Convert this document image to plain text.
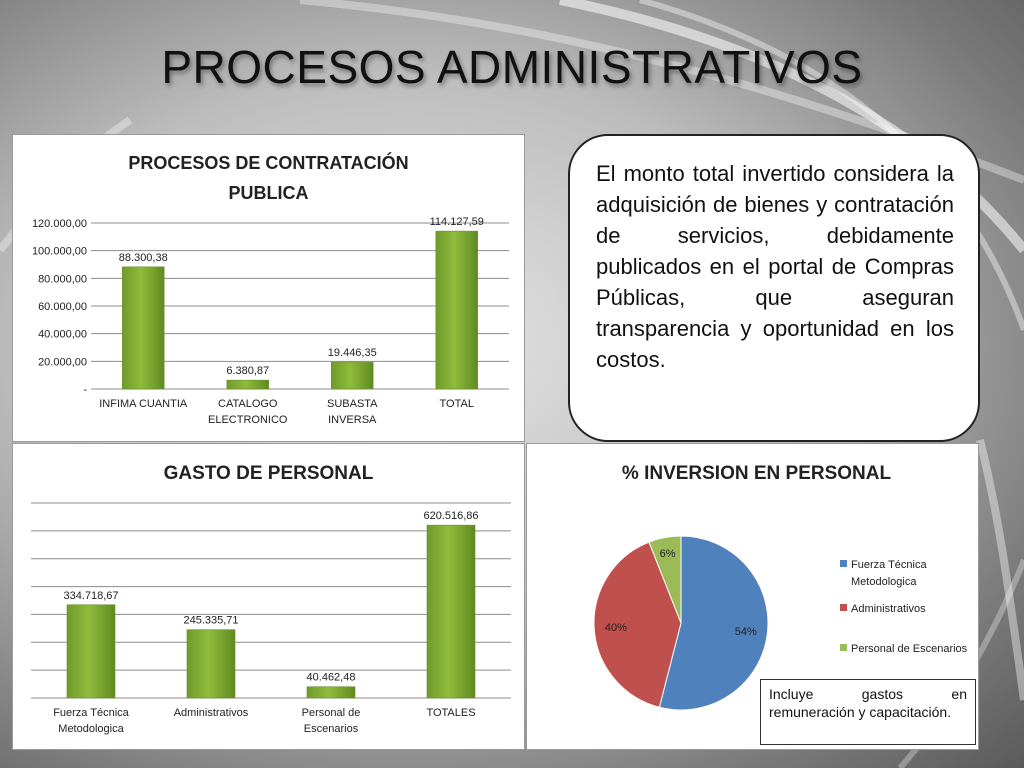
PROCESOS ADMINISTRATIVOS
PROCESOS DE CONTRATACIÓN
PUBLICA
-
20.000,00
40.000,00
60.000,00
80.000,00
100.000,00
120.000,00
88.300,38
INFIMA CUANTIA
6.380,87
CATALOGO
ELECTRONICO
19.446,35
SUBASTA
INVERSA
114.127,59
TOTAL
El monto total invertido considera la adquisición de bienes y contratación de servicios, debidamente publicados en el portal de Compras Públicas, que aseguran transparencia y oportunidad en los costos.
GASTO DE PERSONAL
334.718,67
Fuerza Técnica
Metodologica
245.335,71
Administrativos
40.462,48
Personal de
Escenarios
620.516,86
TOTALES
% INVERSION EN PERSONAL
54%
40%
6%
Fuerza Técnica
Metodologica
Administrativos
Personal de Escenarios
Incluye gastos en remuneración y capacitación.
